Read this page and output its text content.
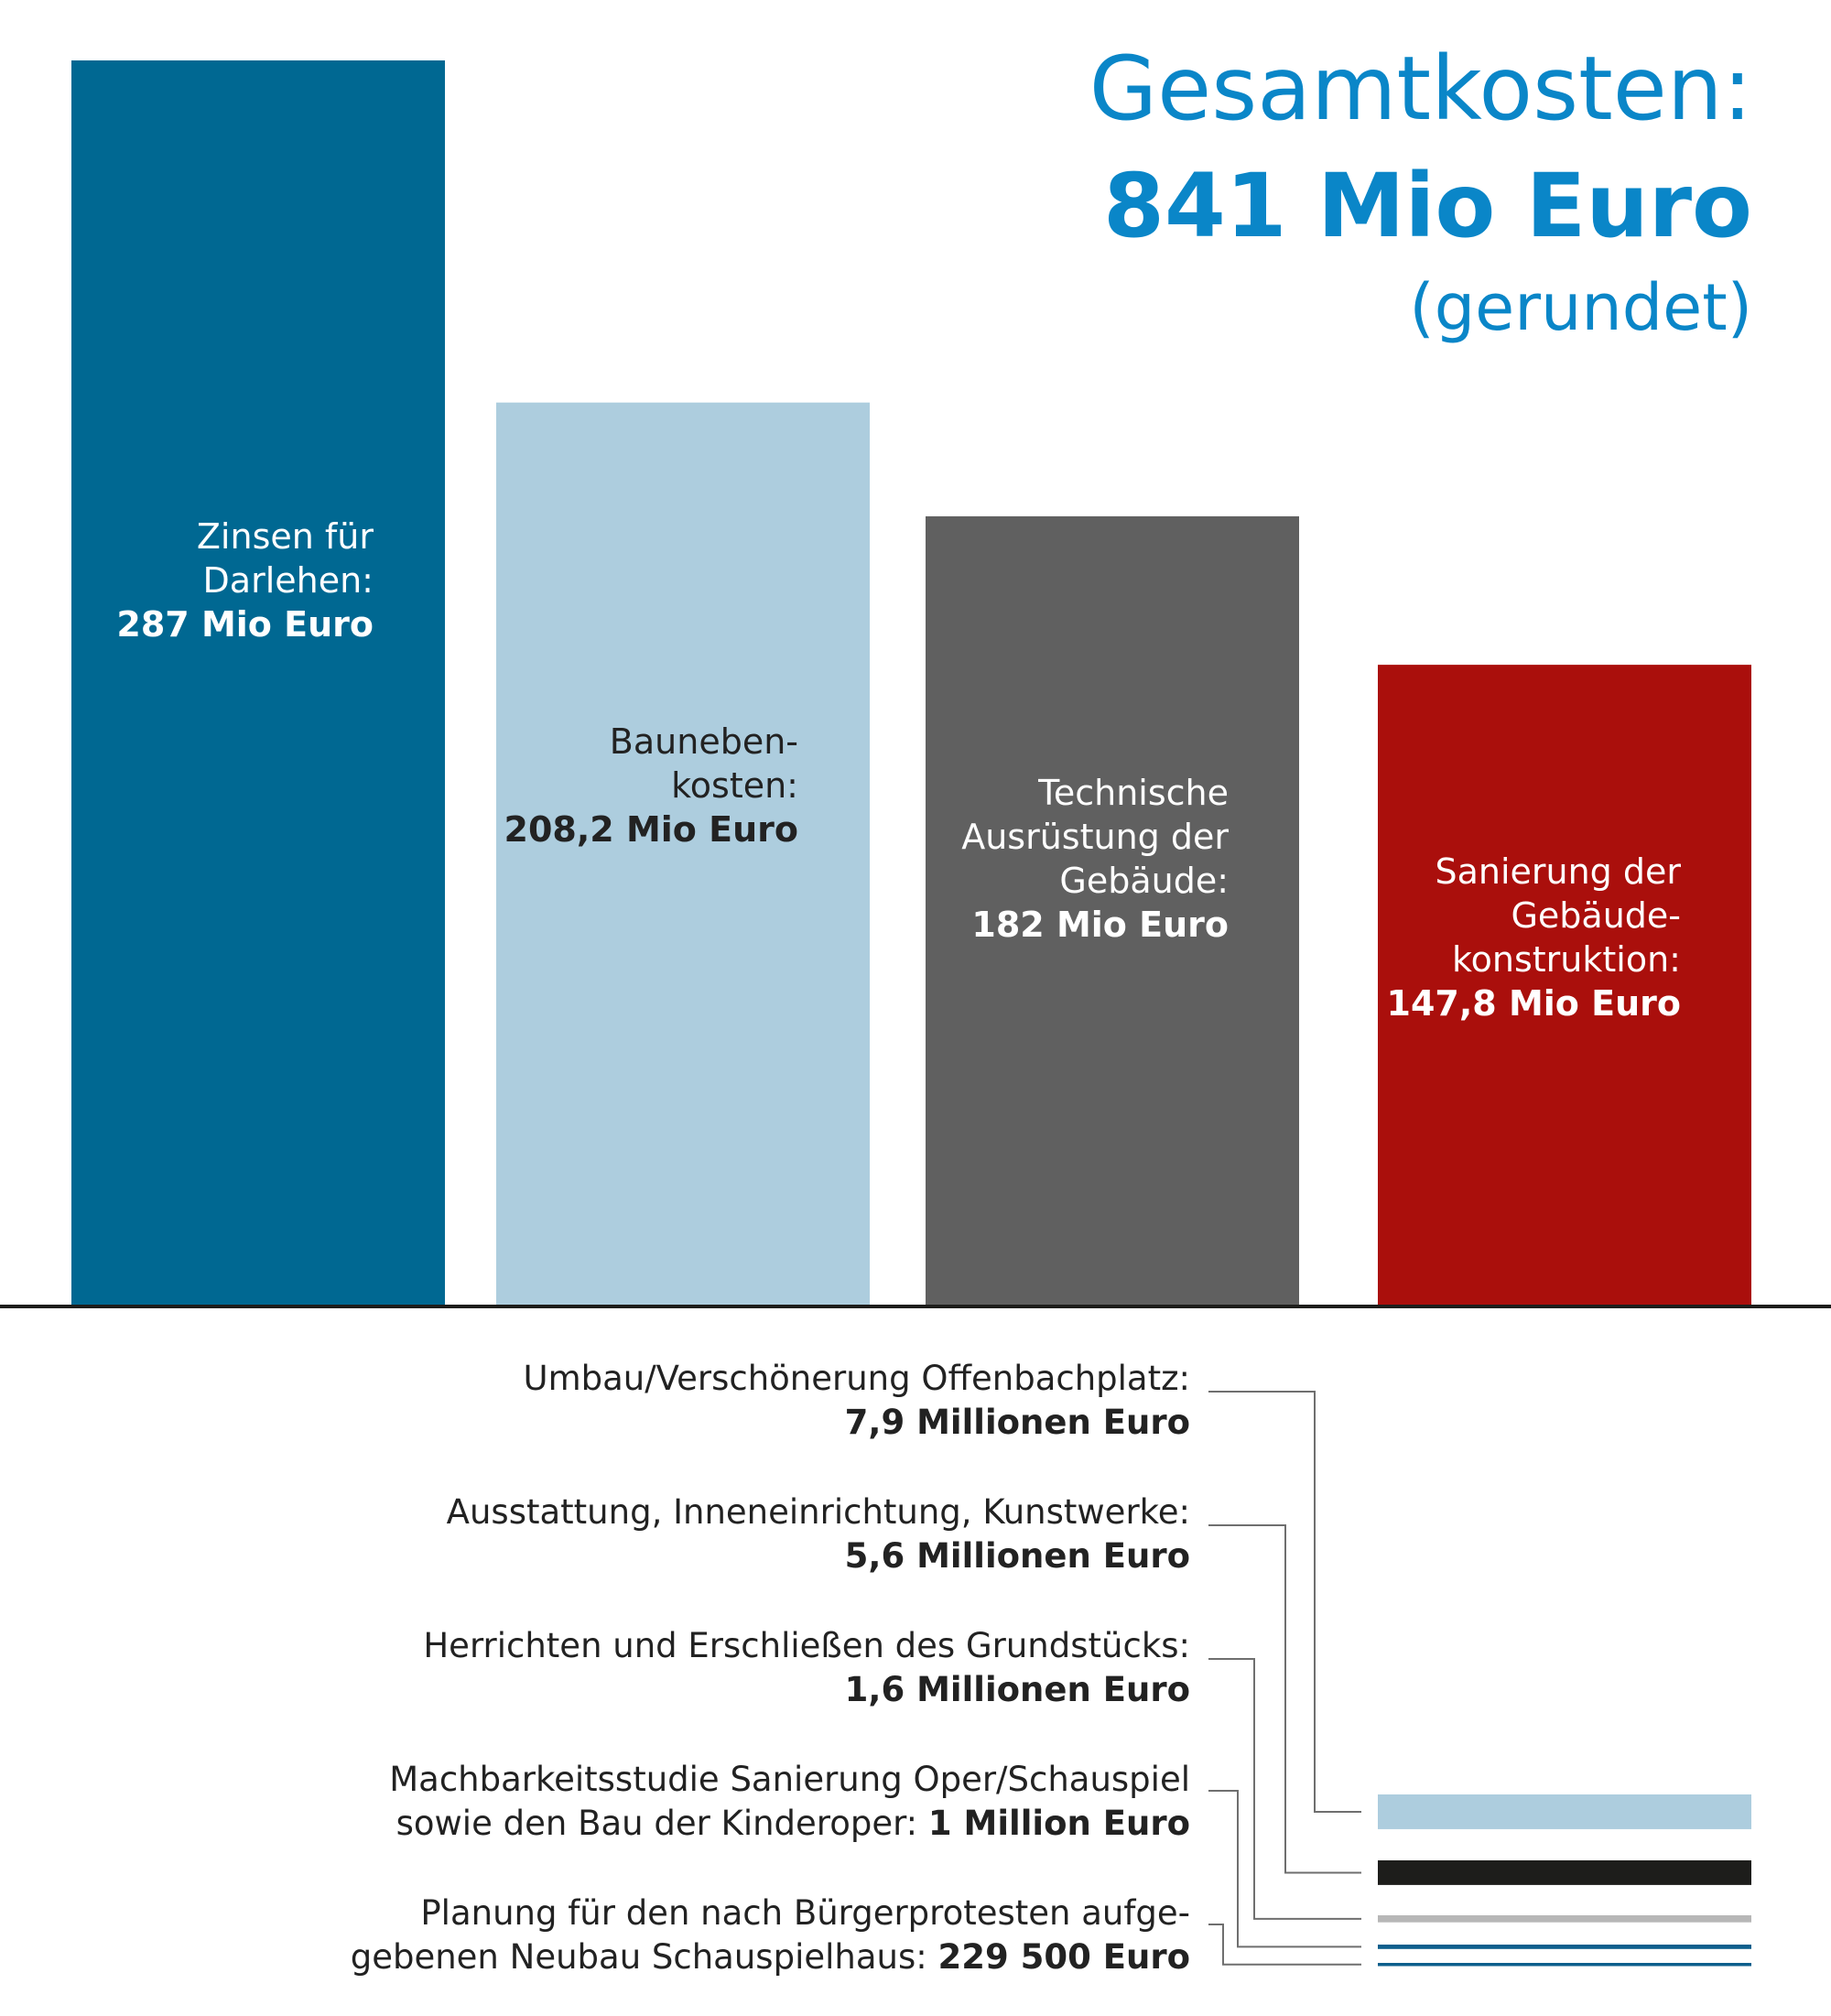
Gesamtkosten:
841 Mio Euro
(gerundet)
Zinsen für
Darlehen:
287 Mio Euro
Bauneben-
kosten:
208,2 Mio Euro
Technische
Ausrüstung der
Gebäude:
182 Mio Euro
Sanierung der
Gebäude-
konstruktion:
147,8 Mio Euro
Umbau/Verschönerung Offenbachplatz:
7,9 Millionen Euro
Ausstattung, Inneneinrichtung, Kunstwerke:
5,6 Millionen Euro
Herrichten und Erschließen des Grundstücks:
1,6 Millionen Euro
Machbarkeitsstudie Sanierung Oper/Schauspiel
sowie den Bau der Kinderoper: 1 Million Euro
Planung für den nach Bürgerprotesten aufge-
gebenen Neubau Schauspielhaus: 229 500 Euro
